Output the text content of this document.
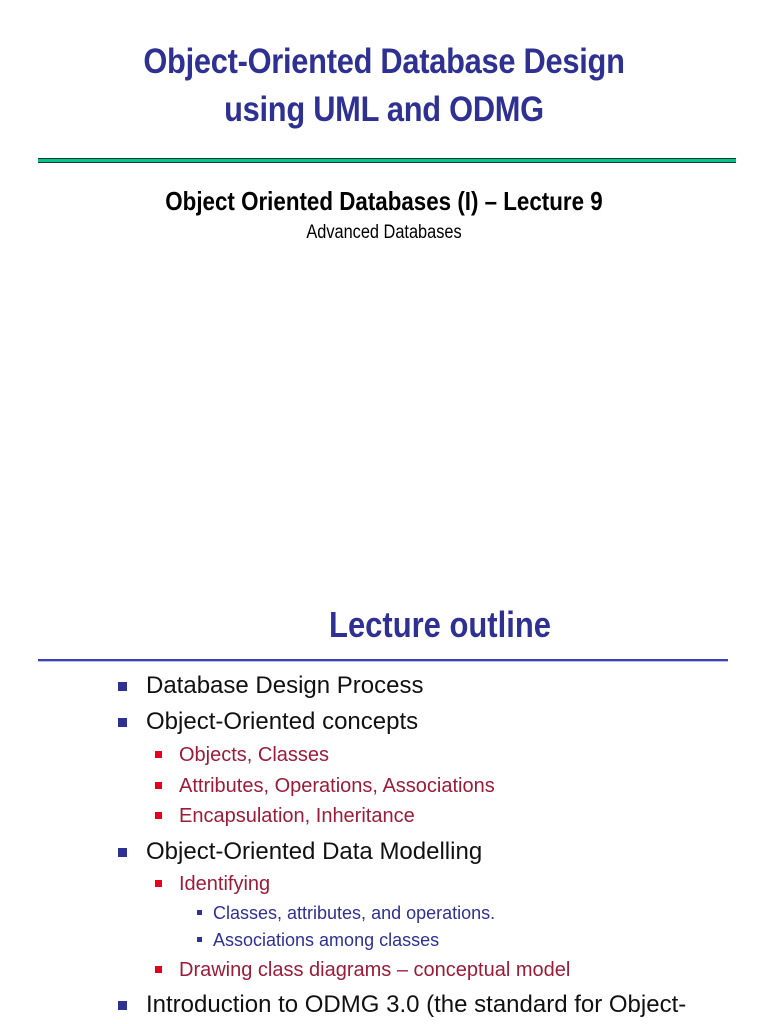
Object-Oriented Database Design
using UML and ODMG
Object Oriented Databases (I) – Lecture 9
Advanced Databases
Lecture outline
Database Design Process
Object-Oriented concepts
Objects, Classes
Attributes, Operations, Associations
Encapsulation, Inheritance
Object-Oriented Data Modelling
Identifying
Classes, attributes, and operations.
Associations among classes
Drawing class diagrams – conceptual model
Introduction to ODMG 3.0 (the standard for Object-
